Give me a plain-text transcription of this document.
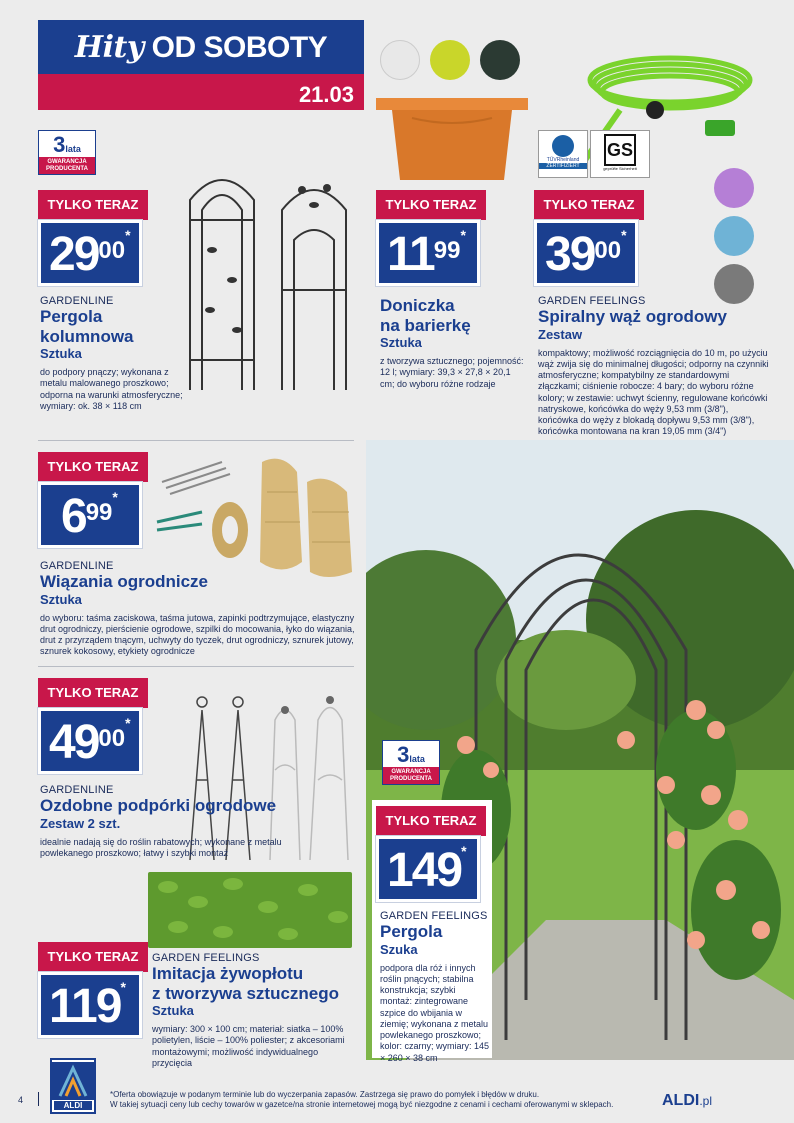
Hity OD SOBOTY
21.03
3lata
GWARANCJA
PRODUCENTA
TYLKO TERAZ
2900*
GARDENLINE
Pergola
kolumnowa
Sztuka
do podpory pnączy; wykonana z metalu malowanego proszkowo; odporna na warunki atmosferyczne; wymiary: ok. 38 × 118 cm
TYLKO TERAZ
1199*
Doniczka
na barierkę
Sztuka
z tworzywa sztucznego; pojemność: 12 l; wymiary: 39,3 × 27,8 × 20,1 cm; do wyboru różne rodzaje
TÜVRheinland
ZERTIFIZIERT
GS
geprüfte Sicherheit
TYLKO TERAZ
3900*
GARDEN FEELINGS
Spiralny wąż ogrodowy
Zestaw
kompaktowy; możliwość rozciągnięcia do 10 m, po użyciu wąż zwija się do minimalnej długości; odporny na czynniki atmosferyczne; kompatybilny ze standardowymi złączkami; ciśnienie robocze: 4 bary; do wyboru różne kolory; w zestawie: uchwyt ścienny, regulowane końcówki natryskowe, końcówka do węży 9,53 mm (3/8"), końcówka do węży z blokadą dopływu 9,53 mm (3/8"), końcówka montowana na kran 19,05 mm (3/4")
TYLKO TERAZ
699*
GARDENLINE
Wiązania ogrodnicze
Sztuka
do wyboru: taśma zaciskowa, taśma jutowa, zapinki podtrzymujące, elastyczny drut ogrodniczy, pierścienie ogrodowe, szpilki do mocowania, łyko do wiązania, drut z przyrządem tnącym, uchwyty do tyczek, drut ogrodniczy, sznurek jutowy, sznurek kokosowy, etykiety ogrodnicze
TYLKO TERAZ
4900*
GARDENLINE
Ozdobne podpórki ogrodowe
Zestaw 2 szt.
idealnie nadają się do roślin rabatowych; wykonane z metalu powlekanego proszkowo; łatwy i szybki montaż
TYLKO TERAZ
119*
GARDEN FEELINGS
Imitacja żywopłotu
z tworzywa sztucznego
Sztuka
wymiary: 300 × 100 cm; materiał: siatka – 100% polietylen, liście – 100% poliester; z akcesoriami montażowymi; możliwość indywidualnego przycięcia
3lata
GWARANCJA
PRODUCENTA
TYLKO TERAZ
149*
GARDEN FEELINGS
Pergola
Szuka
podpora dla róż i innych roślin pnących; stabilna konstrukcja; szybki montaż: zintegrowane szpice do wbijania w ziemię; wykonana z metalu powlekanego proszkowo; kolor: czarny; wymiary: 145 × 260 × 38 cm
4
ALDI
*Oferta obowiązuje w podanym terminie lub do wyczerpania zapasów. Zastrzega się prawo do pomyłek i błędów w druku.
W takiej sytuacji ceny lub cechy towarów w gazetce/na stronie internetowej mogą być niezgodne z cenami i cechami oferowanymi w sklepach.	ALDI.pl
